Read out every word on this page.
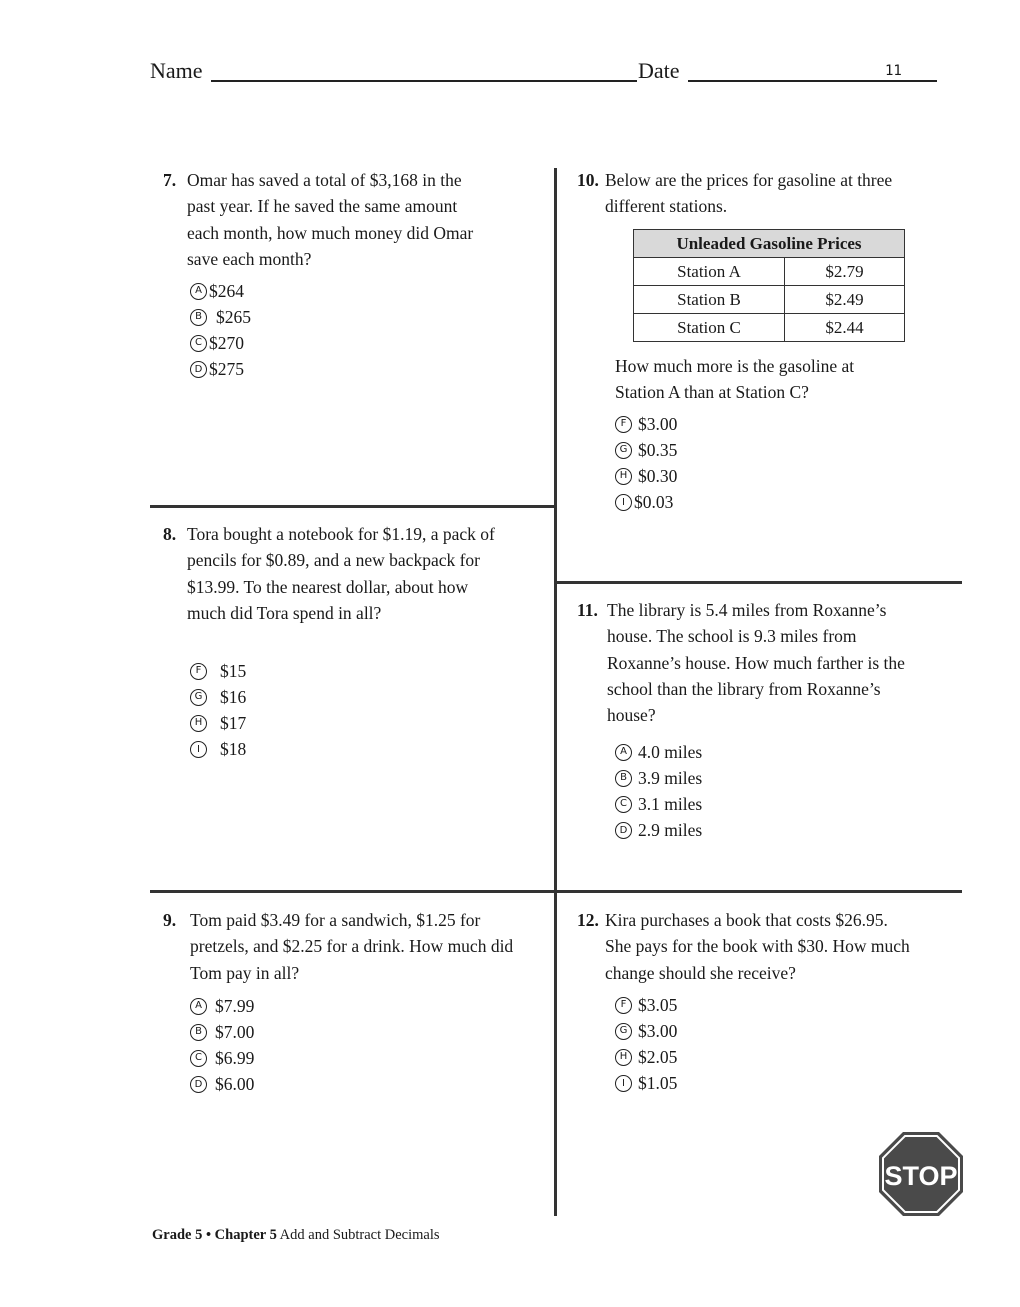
Name	Date	11
7. Omar has saved a total of $3,168 in the past year. If he saved the same amount each month, how much money did Omar save each month?

A $264
B $265
C $270
D $275
8. Tora bought a notebook for $1.19, a pack of pencils for $0.89, and a new backpack for $13.99. To the nearest dollar, about how much did Tora spend in all?

F	$15
G $16
H $17
I	$18
9. Tom paid $3.49 for a sandwich, $1.25 for pretzels, and $2.25 for a drink. How much did Tom pay in all?

A $7.99
B $7.00
C $6.99
D $6.00
10. Below are the prices for gasoline at three different stations.

Unleaded Gasoline Prices	
Station A	$2.79
Station B	$2.49
Station C	$2.44

How much more is the gasoline at Station A than at Station C?

F $3.00
G $0.35
H $0.30
I $0.03
11. The library is 5.4 miles from Roxanne’s house. The school is 9.3 miles from Roxanne’s house. How much farther is the school than the library from Roxanne’s house?

A 4.0 miles
B 3.9 miles
C 3.1 miles
D 2.9 miles
12. Kira purchases a book that costs $26.95. She pays for the book with $30. How much change should she receive?

F $3.05
G $3.00
H $2.05
I $1.05
STOP
Grade 5 • Chapter 5 Add and Subtract Decimals
